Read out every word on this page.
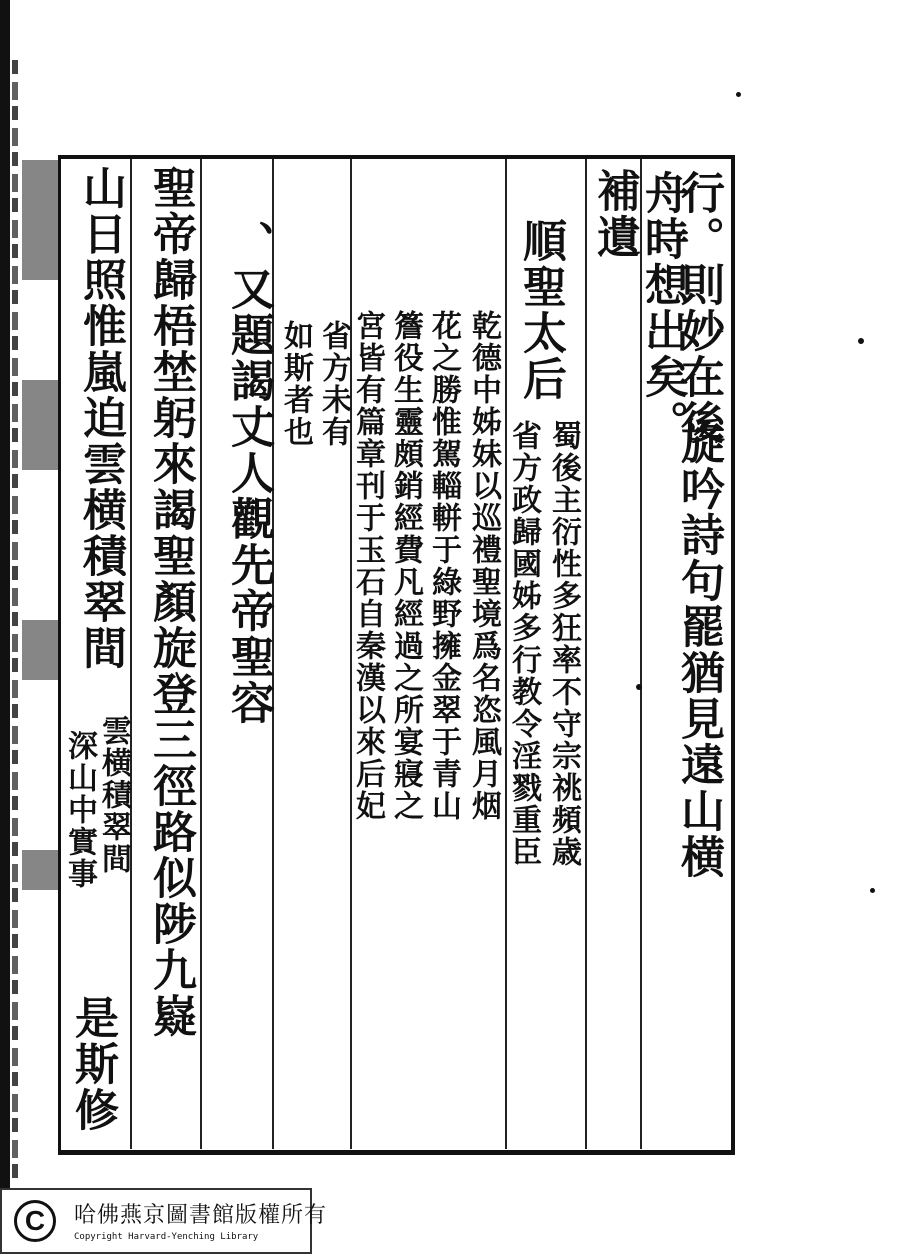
行。則妙在後
舟時想出矣。
旋吟詩句罷猶見遠山横
補遺
順聖太后
蜀後主衍性多狂率不守宗祧頻歳
省方政歸國姊多行教令淫戮重臣
乾德中姊妹以巡禮聖境爲名恣風月烟
花之勝惟駕輜軿于綠野擁金翠于青山
簷役生靈頗銷經費凡經過之所宴寢之
宮皆有篇章刊于玉石自秦漢以來后妃
省方未有
如斯者也
、又題謁丈人觀先帝聖容
聖帝歸梧埜躬來謁聖顏旋登三徑路似陟九嶷
山日照惟嵐迫雲横積翠間
雲横積翠間
深山中實事
是斯修
C	哈佛燕京圖書館版權所有
Copyright Harvard-Yenching Library
